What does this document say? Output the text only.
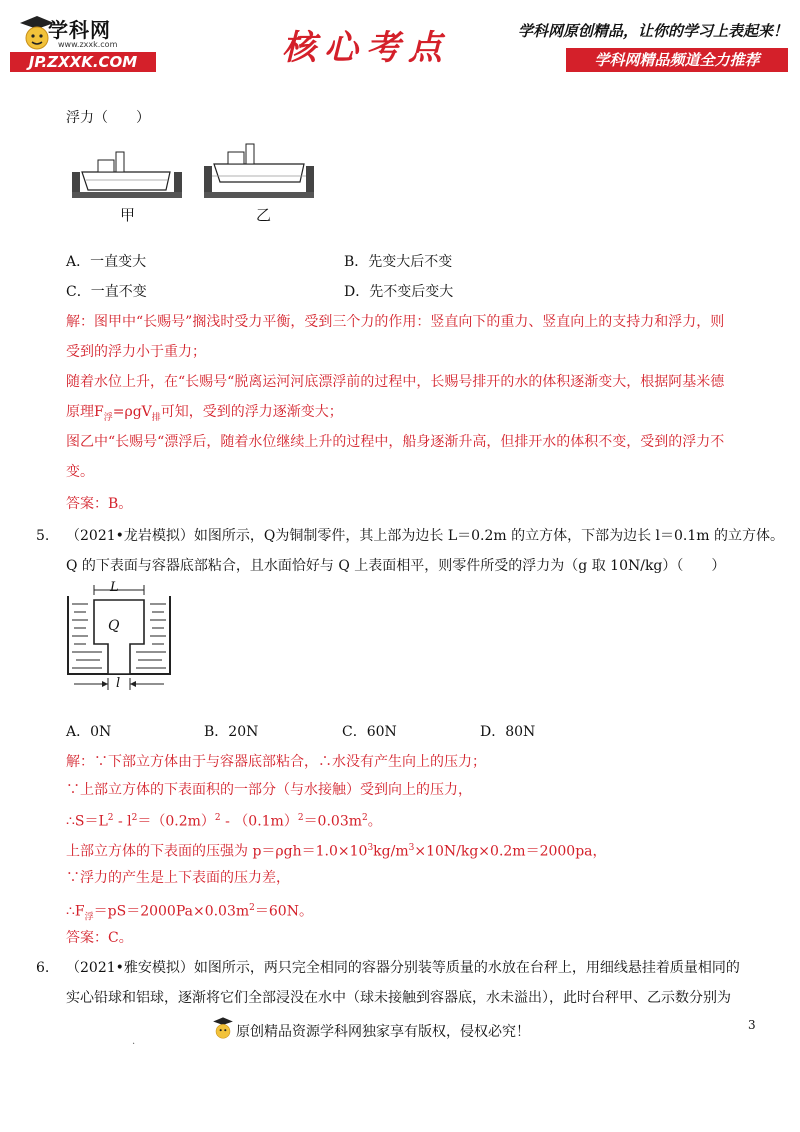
学科网
www.zxxk.com
JP.ZXXK.COM	核心考点	学科网原创精品，让你的学习上表起来！
学科网精品频道全力推荐
浮力（　　）
甲	乙
A．一直变大	B．先变大后不变
C．一直不变	D．先不变后变大
解：图甲中“长赐号”搁浅时受力平衡，受到三个力的作用：竖直向下的重力、竖直向上的支持力和浮力，则
受到的浮力小于重力；
随着水位上升，在“长赐号“脱离运河河底漂浮前的过程中，长赐号排开的水的体积逐渐变大，根据阿基米德
原理$F_浮=\rho gV_排$可知，受到的浮力逐渐变大；
图乙中“长赐号“漂浮后，随着水位继续上升的过程中，船身逐渐升高，但排开水的体积不变，受到的浮力不
变。
答案：B。
5. （2021•龙岩模拟）如图所示，Q为铜制零件，其上部为边长 L＝0.2m 的立方体，下部为边长 l＝0.1m 的立方体。
Q 的下表面与容器底部粘合，且水面恰好与 Q 上表面相平，则零件所受的浮力为（g 取 10N/kg）（　　）
L
Q
l
A．0N	B．20N	C．60N	D．80N
解：∵下部立方体由于与容器底部粘合，∴水没有产生向上的压力；
∵上部立方体的下表面积的一部分（与水接触）受到向上的压力，
$\therefore S=L^2 - l^2=(0.2m)^2 - (0.1m)^2=0.03m^2$。
上部立方体的下表面的压强为 $p=\rho gh=1.0\times 10^3kg/m^3\times 10N/kg\times 0.2m=2000pa$，
∵浮力的产生是上下表面的压力差，
$\therefore F_浮=pS=2000Pa\times 0.03m^2=60N$。
答案：C。
6. （2021•雅安模拟）如图所示，两只完全相同的容器分别装等质量的水放在台秤上，用细线悬挂着质量相同的
实心铅球和铝球，逐渐将它们全部浸没在水中（球未接触到容器底，水未溢出），此时台秤甲、乙示数分别为
3
.
原创精品资源学科网独家享有版权，侵权必究！
